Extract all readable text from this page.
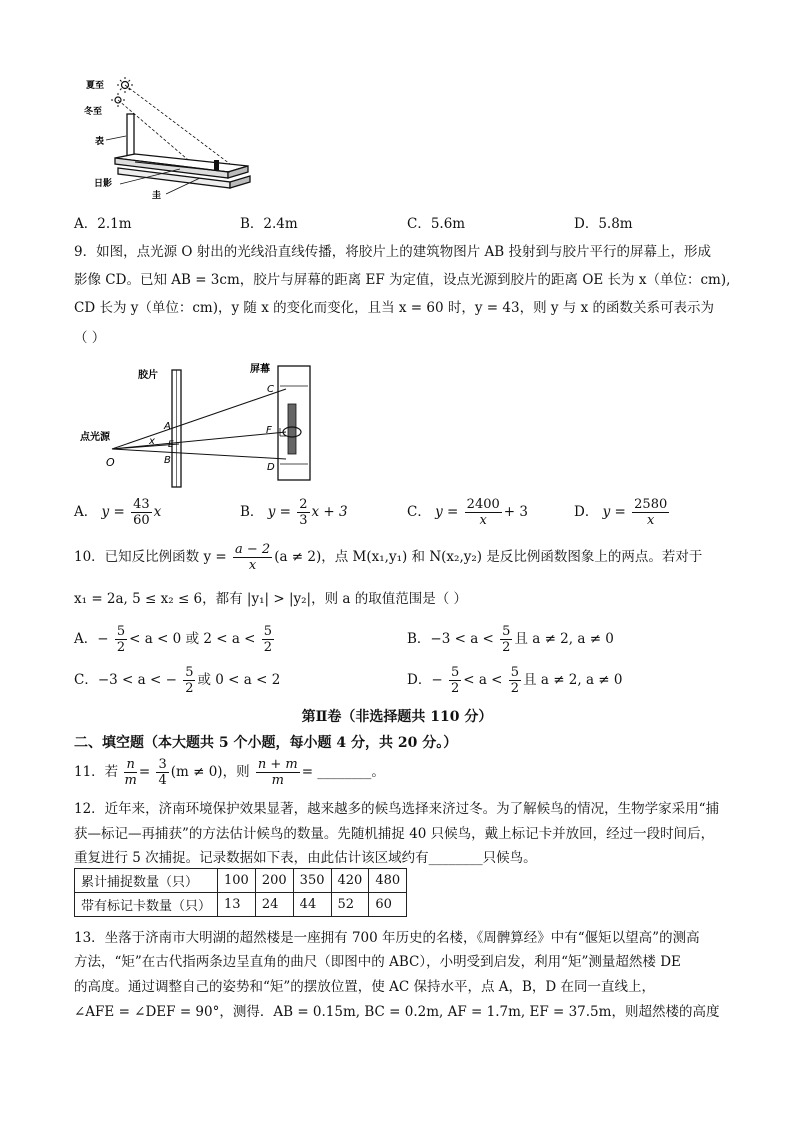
夏至
冬至
表
日影
圭
A．2.1m	B．2.4m	C．5.6m	D．5.8m
9．如图，点光源 O 射出的光线沿直线传播，将胶片上的建筑物图片 AB 投射到与胶片平行的屏幕上，形成
影像 CD。已知 AB = 3cm，胶片与屏幕的距离 EF 为定值，设点光源到胶片的距离 OE 长为 x（单位：cm),
CD 长为 y（单位：cm)，y 随 x 的变化而变化，且当 x = 60 时，y = 43，则 y 与 x 的函数关系可表示为
（ ）
胶片
屏幕
点光源
O
A
B
E
x
C
F
D
A． $y = \frac{43}{60}$ x	B． $y = \frac{2}{3}$ x + 3	C． $y = \frac{2400}{x} + 3$	D． $y = \frac{2580}{x}$
10．已知反比例函数 $y = \frac{a - 2}{x} (a \ne 2)$，点 M(x₁,y₁) 和 N(x₂,y₂) 是反比例函数图象上的两点。若对于
x₁ = 2a, 5 ≤ x₂ ≤ 6，都有 |y₁| > |y₂|，则 a 的取值范围是（ ）
A．− $\frac{5}{2} < a < 0$ 或 $2 < a < \frac{5}{2}$	B．$-3 < a < \frac{5}{2}$ 且 a ≠ 2, a ≠ 0
C．−3 < a < − $\frac{5}{2}$ 或 0 < a < 2	D．− $\frac{5}{2} < a < \frac{5}{2}$ 且 a ≠ 2, a ≠ 0
第Ⅱ卷（非选择题共 110 分）
二、填空题（本大题共 5 个小题，每小题 4 分，共 20 分。）
11．若 $\frac{n}{m} = \frac{3}{4} (m \ne 0)$，则 $\frac{n + m}{m}$ = ________。
12．近年来，济南环境保护效果显著，越来越多的候鸟选择来济过冬。为了解候鸟的情况，生物学家采用“捕
获—标记—再捕获”的方法估计候鸟的数量。先随机捕捉 40 只候鸟，戴上标记卡并放回，经过一段时间后，
重复进行 5 次捕捉。记录数据如下表，由此估计该区域约有________只候鸟。
累计捕捉数量（只）	100	200	350	420	480
带有标记卡数量（只）	13	24	44	52	60
13．坐落于济南市大明湖的超然楼是一座拥有 700 年历史的名楼，《周髀算经》中有“偃矩以望高”的测高
方法，“矩”在古代指两条边呈直角的曲尺（即图中的 ABC），小明受到启发，利用“矩”测量超然楼 DE
的高度。通过调整自己的姿势和“矩”的摆放位置，使 AC 保持水平，点 A，B，D 在同一直线上，
∠AFE = ∠DEF = 90°，测得．AB = 0.15m, BC = 0.2m, AF = 1.7m, EF = 37.5m，则超然楼的高度
